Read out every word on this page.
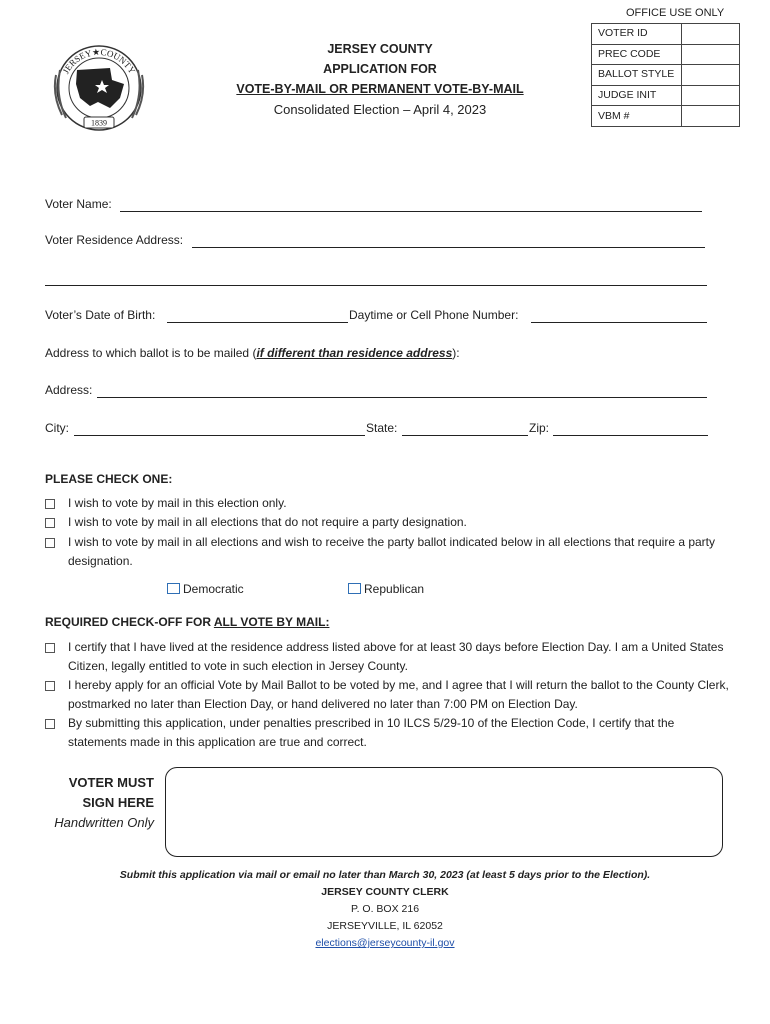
OFFICE USE ONLY
VOTER ID	
PREC CODE	
BALLOT STYLE	
JUDGE INIT	
VBM #	
JERSEY★COUNTY
1839
JERSEY COUNTY
APPLICATION FOR
VOTE-BY-MAIL OR PERMANENT VOTE-BY-MAIL
Consolidated Election – April 4, 2023
Voter Name:
Voter Residence Address:
Voter’s Date of Birth:	Daytime or Cell Phone Number:
Address to which ballot is to be mailed (if different than residence address):
Address:
City:	State:	Zip:
PLEASE CHECK ONE:
I wish to vote by mail in this election only.
I wish to vote by mail in all elections that do not require a party designation.
I wish to vote by mail in all elections and wish to receive the party ballot indicated below in all elections that require a party designation.
Democratic	Republican
REQUIRED CHECK-OFF FOR ALL VOTE BY MAIL:
I certify that I have lived at the residence address listed above for at least 30 days before Election Day. I am a United States Citizen, legally entitled to vote in such election in Jersey County.
I hereby apply for an official Vote by Mail Ballot to be voted by me, and I agree that I will return the ballot to the County Clerk, postmarked no later than Election Day, or hand delivered no later than 7:00 PM on Election Day.
By submitting this application, under penalties prescribed in 10 ILCS 5/29-10 of the Election Code, I certify that the statements made in this application are true and correct.
VOTER MUST
SIGN HERE
Handwritten Only
Submit this application via mail or email no later than March 30, 2023 (at least 5 days prior to the Election).
JERSEY COUNTY CLERK
P. O. BOX 216
JERSEYVILLE, IL 62052
elections@jerseycounty-il.gov
